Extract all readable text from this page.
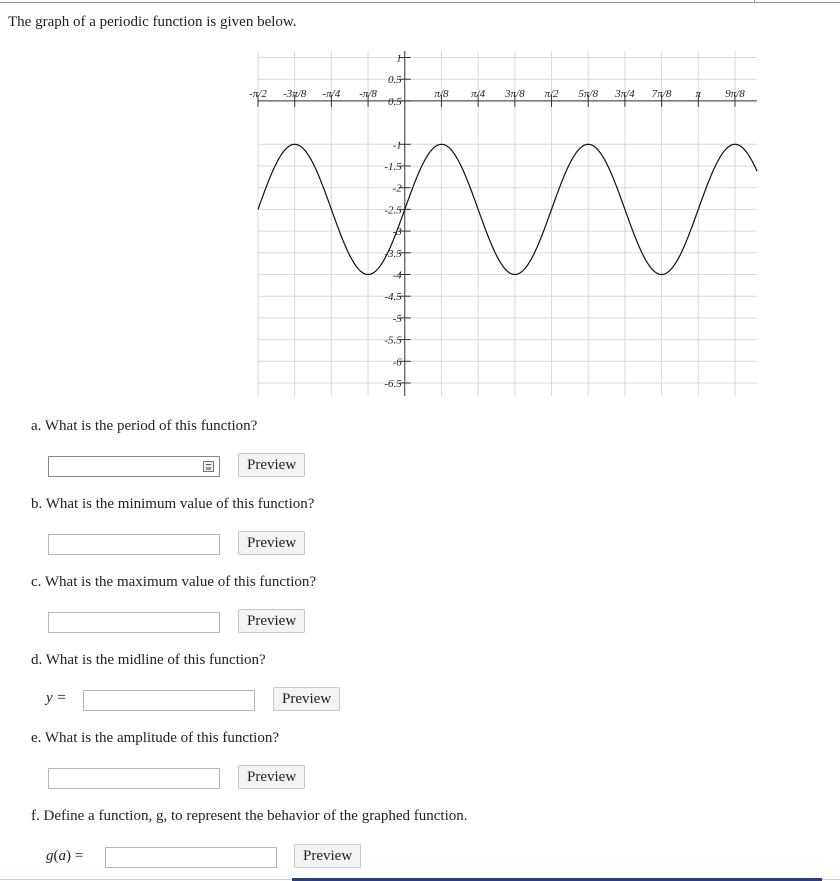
The graph of a periodic function is given below.
-π/2 -3π/8 -π/4 -π/8	π/8 π/4 3π/8 π/2 5π/8 3π/4 7π/8 π 9π/8
1
0.5
0.5
-1
-1.5
-2
-2.5
-3
-3.5
-4
-4.5
-5
-5.5
-6
-6.5
a. What is the period of this function?
Preview
b. What is the minimum value of this function?
Preview
c. What is the maximum value of this function?
Preview
d. What is the midline of this function?
y =	Preview
e. What is the amplitude of this function?
Preview
f. Define a function, g, to represent the behavior of the graphed function.
g(a) =	Preview
